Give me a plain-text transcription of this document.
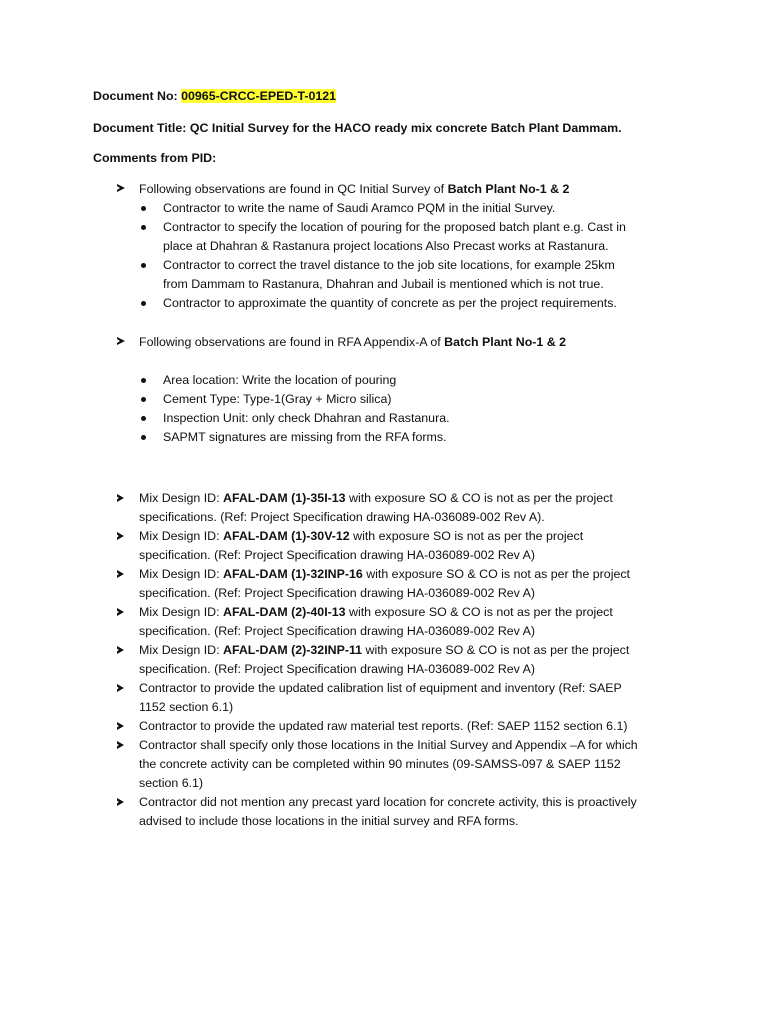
Document No: 00965-CRCC-EPED-T-0121
Document Title: QC Initial Survey for the HACO ready mix concrete Batch Plant Dammam.
Comments from PID:
Following observations are found in QC Initial Survey of Batch Plant No-1 & 2
Contractor to write the name of Saudi Aramco PQM in the initial Survey.
Contractor to specify the location of pouring for the proposed batch plant e.g. Cast in
place at Dhahran & Rastanura project locations Also Precast works at Rastanura.
Contractor to correct the travel distance to the job site locations, for example 25km
from Dammam to Rastanura, Dhahran and Jubail is mentioned which is not true.
Contractor to approximate the quantity of concrete as per the project requirements.
Following observations are found in RFA Appendix-A of Batch Plant No-1 & 2
Area location: Write the location of pouring
Cement Type: Type-1(Gray + Micro silica)
Inspection Unit: only check Dhahran and Rastanura.
SAPMT signatures are missing from the RFA forms.
Mix Design ID: AFAL-DAM (1)-35I-13 with exposure SO & CO is not as per the project
specifications. (Ref: Project Specification drawing HA-036089-002 Rev A).
Mix Design ID: AFAL-DAM (1)-30V-12 with exposure SO is not as per the project
specification. (Ref: Project Specification drawing HA-036089-002 Rev A)
Mix Design ID: AFAL-DAM (1)-32INP-16 with exposure SO & CO is not as per the project
specification. (Ref: Project Specification drawing HA-036089-002 Rev A)
Mix Design ID: AFAL-DAM (2)-40I-13 with exposure SO & CO is not as per the project
specification. (Ref: Project Specification drawing HA-036089-002 Rev A)
Mix Design ID: AFAL-DAM (2)-32INP-11 with exposure SO & CO is not as per the project
specification. (Ref: Project Specification drawing HA-036089-002 Rev A)
Contractor to provide the updated calibration list of equipment and inventory (Ref: SAEP
1152 section 6.1)
Contractor to provide the updated raw material test reports. (Ref: SAEP 1152 section 6.1)
Contractor shall specify only those locations in the Initial Survey and Appendix –A for which
the concrete activity can be completed within 90 minutes (09-SAMSS-097 & SAEP 1152
section 6.1)
Contractor did not mention any precast yard location for concrete activity, this is proactively
advised to include those locations in the initial survey and RFA forms.
